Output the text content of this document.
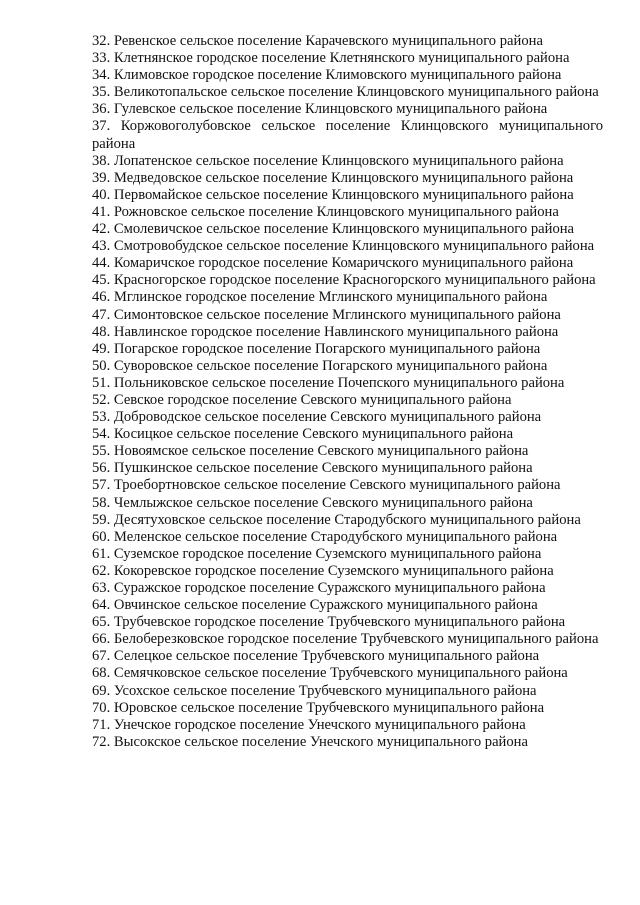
32. Ревенское сельское поселение Карачевского муниципального района
33. Клетнянское городское поселение Клетнянского муниципального района
34. Климовское городское поселение Климовского муниципального района
35. Великотопальское сельское поселение Клинцовского муниципального района
36. Гулевское сельское поселение Клинцовского муниципального района
37. Коржовоголубовское сельское поселение Клинцовского муниципального района
38. Лопатенское сельское поселение Клинцовского муниципального района
39. Медведовское сельское поселение Клинцовского муниципального района
40. Первомайское сельское поселение Клинцовского муниципального района
41. Рожновское сельское поселение Клинцовского муниципального района
42. Смолевичское сельское поселение Клинцовского муниципального района
43. Смотровобудское сельское поселение Клинцовского муниципального района
44. Комаричское городское поселение Комаричского муниципального района
45. Красногорское городское поселение Красногорского муниципального района
46. Мглинское городское поселение Мглинского муниципального района
47. Симонтовское сельское поселение Мглинского муниципального района
48. Навлинское городское поселение Навлинского муниципального района
49. Погарское городское поселение Погарского муниципального района
50. Суворовское сельское поселение Погарского муниципального района
51. Польниковское сельское поселение Почепского муниципального района
52. Севское городское поселение Севского муниципального района
53. Доброводское сельское поселение Севского муниципального района
54. Косицкое сельское поселение Севского муниципального района
55. Новоямское сельское поселение Севского муниципального района
56. Пушкинское сельское поселение Севского муниципального района
57. Троебортновское сельское поселение Севского муниципального района
58. Чемлыжское сельское поселение Севского муниципального района
59. Десятуховское сельское поселение Стародубского муниципального района
60. Меленское сельское поселение Стародубского муниципального района
61. Суземское городское поселение Суземского муниципального района
62. Кокоревское городское поселение Суземского муниципального района
63. Суражское городское поселение Суражского муниципального района
64. Овчинское сельское поселение Суражского муниципального района
65. Трубчевское городское поселение Трубчевского муниципального района
66. Белоберезковское городское поселение Трубчевского муниципального района
67. Селецкое сельское поселение Трубчевского муниципального района
68. Семячковское сельское поселение Трубчевского муниципального района
69. Усохское сельское поселение Трубчевского муниципального района
70. Юровское сельское поселение Трубчевского муниципального района
71. Унечское городское поселение Унечского муниципального района
72. Высокское сельское поселение Унечского муниципального района
